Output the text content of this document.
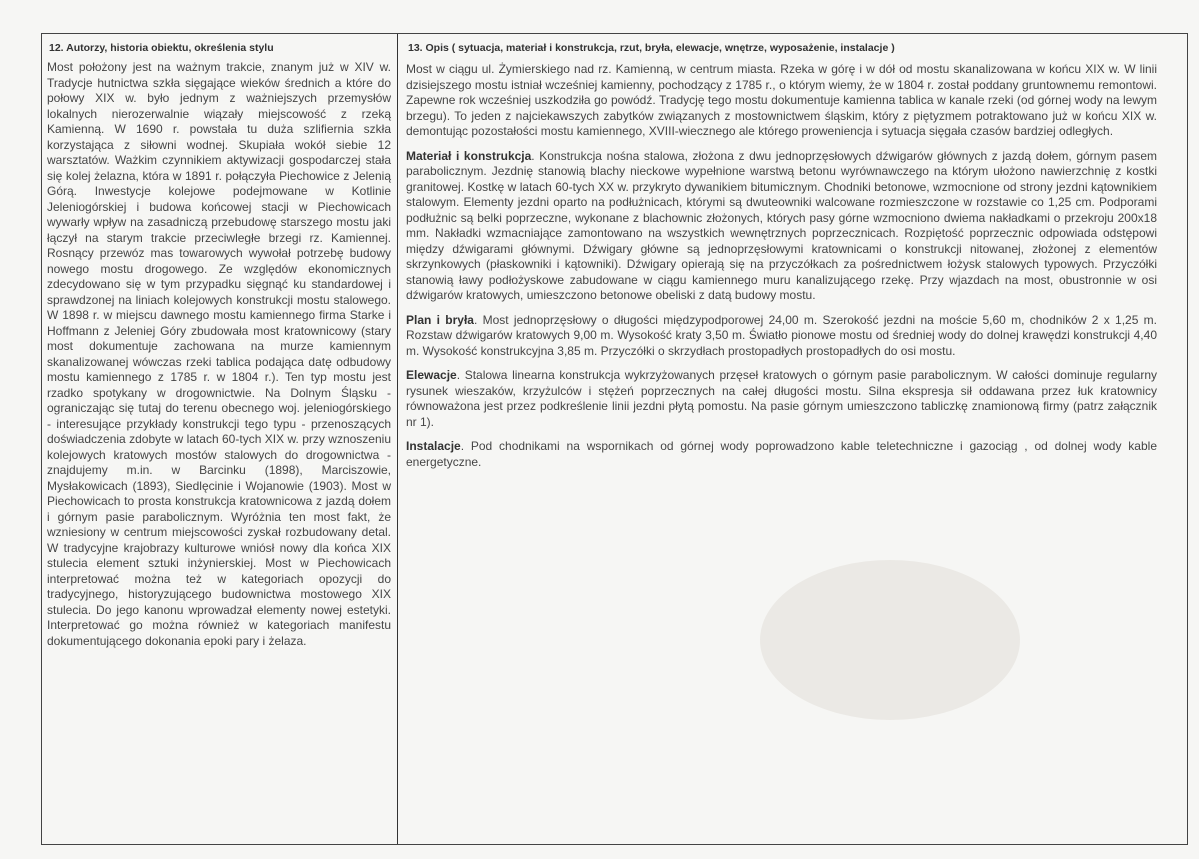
12. Autorzy, historia obiektu, określenia stylu

Most położony jest na ważnym trakcie, znanym już w XIV w. Tradycje hutnictwa szkła sięgające wieków średnich a które do połowy XIX w. było jednym z ważniejszych przemysłów lokalnych nierozerwalnie wiązały miejscowość z rzeką Kamienną. W 1690 r. powstała tu duża szlifiernia szkła korzystająca z siłowni wodnej. Skupiała wokół siebie 12 warsztatów. Ważkim czynnikiem aktywizacji gospodarczej stała się kolej żelazna, która w 1891 r. połączyła Piechowice z Jelenią Górą. Inwestycje kolejowe podejmowane w Kotlinie Jeleniogórskiej i budowa końcowej stacji w Piechowicach wywarły wpływ na zasadniczą przebudowę starszego mostu jaki łączył na starym trakcie przeciwległe brzegi rz. Kamiennej. Rosnący przewóz mas towarowych wywołał potrzebę budowy nowego mostu drogowego. Ze względów ekonomicznych zdecydowano się w tym przypadku sięgnąć ku standardowej i sprawdzonej na liniach kolejowych konstrukcji mostu stalowego. W 1898 r. w miejscu dawnego mostu kamiennego firma Starke i Hoffmann z Jeleniej Góry zbudowała most kratownicowy (stary most dokumentuje zachowana na murze kamiennym skanalizowanej wówczas rzeki tablica podająca datę odbudowy mostu kamiennego z 1785 r. w 1804 r.). Ten typ mostu jest rzadko spotykany w drogownictwie. Na Dolnym Śląsku - ograniczając się tutaj do terenu obecnego woj. jeleniogórskiego - interesujące przykłady konstrukcji tego typu - przenoszących doświadczenia zdobyte w latach 60-tych XIX w. przy wznoszeniu kolejowych kratowych mostów stalowych do drogownictwa - znajdujemy m.in. w Barcinku (1898), Marciszowie, Mysłakowicach (1893), Siedlęcinie i Wojanowie (1903). Most w Piechowicach to prosta konstrukcja kratownicowa z jazdą dołem i górnym pasie parabolicznym. Wyróżnia ten most fakt, że wzniesiony w centrum miejscowości zyskał rozbudowany detal. W tradycyjne krajobrazy kulturowe wniósł nowy dla końca XIX stulecia element sztuki inżynierskiej. Most w Piechowicach interpretować można też w kategoriach opozycji do tradycyjnego, historyzującego budownictwa mostowego XIX stulecia. Do jego kanonu wprowadzał elementy nowej estetyki. Interpretować go można również w kategoriach manifestu dokumentującego dokonania epoki pary i żelaza.

13. Opis ( sytuacja, materiał i konstrukcja, rzut, bryła, elewacje, wnętrze, wyposażenie, instalacje )

Most w ciągu ul. Żymierskiego nad rz. Kamienną, w centrum miasta. Rzeka w górę i w dół od mostu skanalizowana w końcu XIX w. W linii dzisiejszego mostu istniał wcześniej kamienny, pochodzący z 1785 r., o którym wiemy, że w 1804 r. został poddany gruntownemu remontowi. Zapewne rok wcześniej uszkodziła go powódź. Tradycję tego mostu dokumentuje kamienna tablica w kanale rzeki (od górnej wody na lewym brzegu). To jeden z najciekawszych zabytków związanych z mostownictwem śląskim, który z piętyzmem potraktowano już w końcu XIX w. demontując pozostałości mostu kamiennego, XVIII-wiecznego ale którego proweniencja i sytuacja sięgała czasów bardziej odległych.

Materiał i konstrukcja. Konstrukcja nośna stalowa, złożona z dwu jednoprzęsłowych dźwigarów głównych z jazdą dołem, górnym pasem parabolicznym. Jezdnię stanowią blachy nieckowe wypełnione warstwą betonu wyrównawczego na którym ułożono nawierzchnię z kostki granitowej. Kostkę w latach 60-tych XX w. przykryto dywanikiem bitumicznym. Chodniki betonowe, wzmocnione od strony jezdni kątownikiem stalowym. Elementy jezdni oparto na podłużnicach, którymi są dwuteowniki walcowane rozmieszczone w rozstawie co 1,25 cm. Podporami podłużnic są belki poprzeczne, wykonane z blachownic złożonych, których pasy górne wzmocniono dwiema nakładkami o przekroju 200x18 mm. Nakładki wzmacniające zamontowano na wszystkich wewnętrznych poprzecznicach. Rozpiętość poprzecznic odpowiada odstępowi między dźwigarami głównymi. Dźwigary główne są jednoprzęsłowymi kratownicami o konstrukcji nitowanej, złożonej z elementów skrzynkowych (płaskowniki i kątowniki). Dźwigary opierają się na przyczółkach za pośrednictwem łożysk stalowych typowych. Przyczółki stanowią ławy podłożyskowe zabudowane w ciągu kamiennego muru kanalizującego rzekę. Przy wjazdach na most, obustronnie w osi dźwigarów kratowych, umieszczono betonowe obeliski z datą budowy mostu.

Plan i bryła. Most jednoprzęsłowy o długości międzypodporowej 24,00 m. Szerokość jezdni na moście 5,60 m, chodników 2 x 1,25 m. Rozstaw dźwigarów kratowych 9,00 m. Wysokość kraty 3,50 m. Światło pionowe mostu od średniej wody do dolnej krawędzi konstrukcji 4,40 m. Wysokość konstrukcyjna 3,85 m. Przyczółki o skrzydłach prostopadłych prostopadłych do osi mostu.

Elewacje. Stalowa linearna konstrukcja wykrzyżowanych przęseł kratowych o górnym pasie parabolicznym. W całości dominuje regularny rysunek wieszaków, krzyżulców i stężeń poprzecznych na całej długości mostu. Silna ekspresja sił oddawana przez łuk kratownicy równoważona jest przez podkreślenie linii jezdni płytą pomostu. Na pasie górnym umieszczono tabliczkę znamionową firmy (patrz załącznik nr 1).

Instalacje. Pod chodnikami na wspornikach od górnej wody poprowadzono kable teletechniczne i gazociąg , od dolnej wody kable energetyczne.
